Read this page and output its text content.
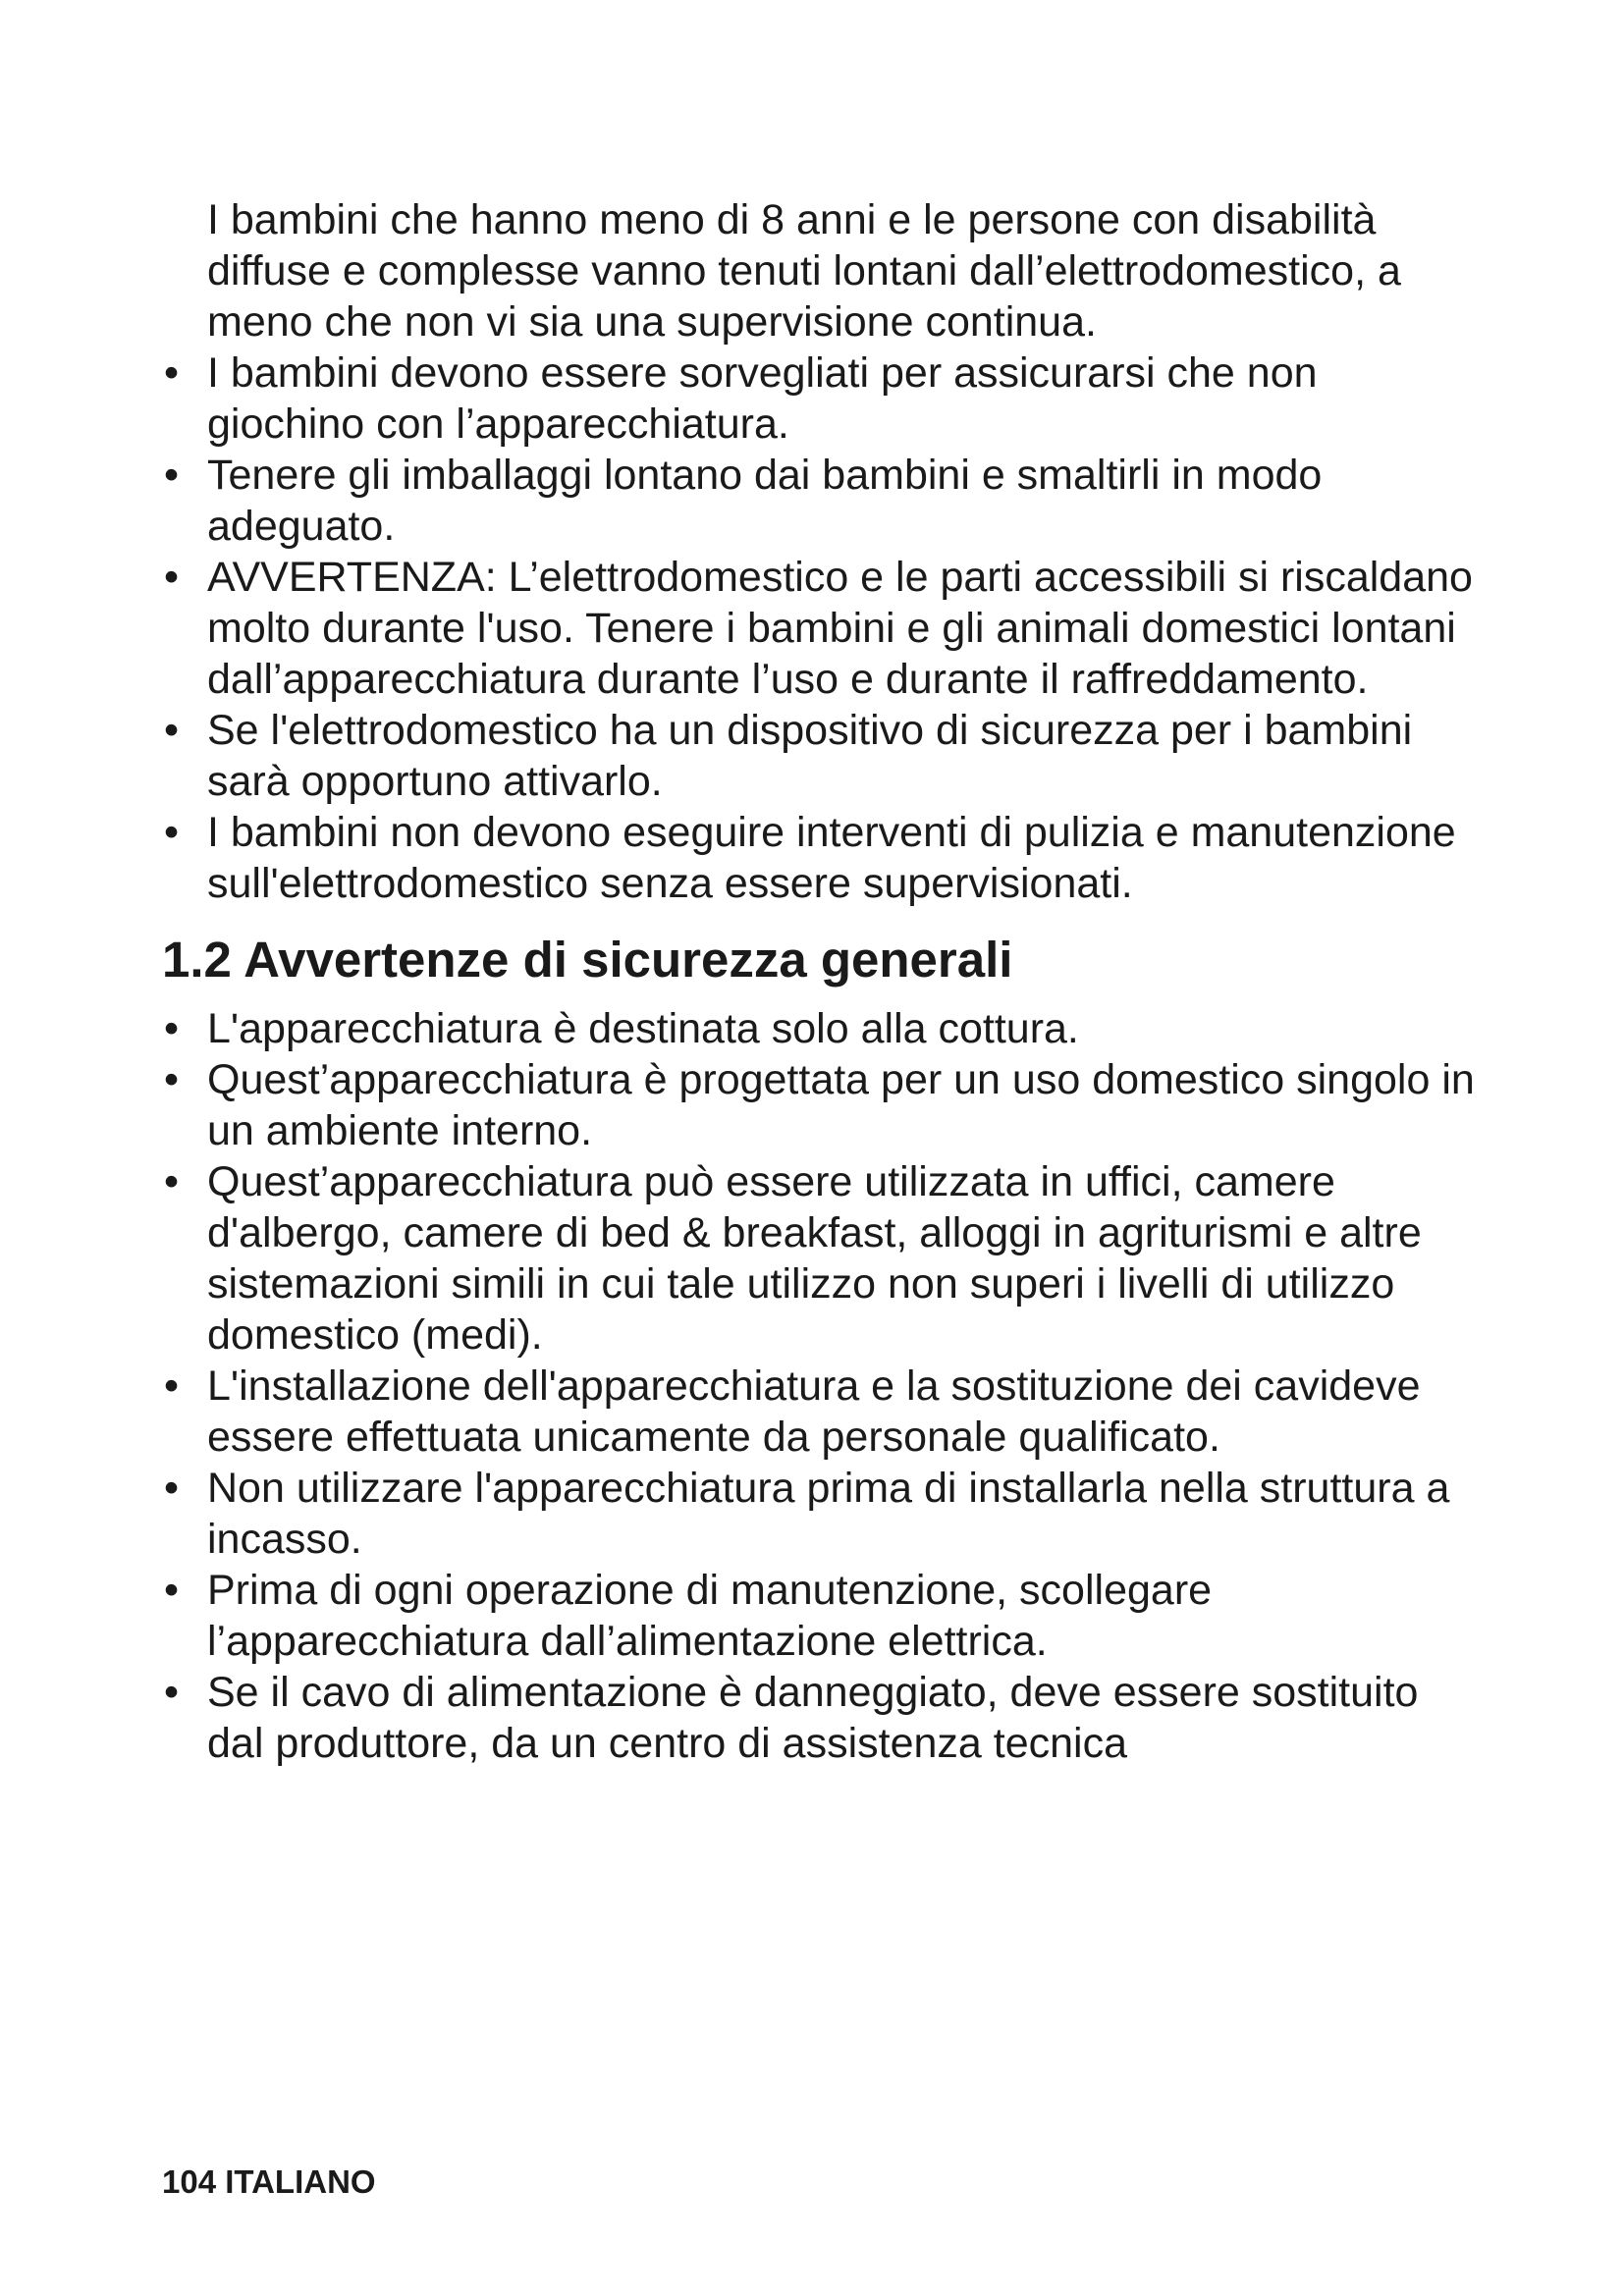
I bambini che hanno meno di 8 anni e le persone con disabilità diffuse e complesse vanno tenuti lontani dall’elettrodomestico, a meno che non vi sia una supervisione continua.

• I bambini devono essere sorvegliati per assicurarsi che non giochino con l’apparecchiatura.
• Tenere gli imballaggi lontano dai bambini e smaltirli in modo adeguato.
• AVVERTENZA: L’elettrodomestico e le parti accessibili si riscaldano molto durante l'uso. Tenere i bambini e gli animali domestici lontani dall’apparecchiatura durante l’uso e durante il raffreddamento.
• Se l'elettrodomestico ha un dispositivo di sicurezza per i bambini sarà opportuno attivarlo.
• I bambini non devono eseguire interventi di pulizia e manutenzione sull'elettrodomestico senza essere supervisionati.
1.2 Avvertenze di sicurezza generali
• L'apparecchiatura è destinata solo alla cottura.
• Quest’apparecchiatura è progettata per un uso domestico singolo in un ambiente interno.
• Quest’apparecchiatura può essere utilizzata in uffici, camere d'albergo, camere di bed & breakfast, alloggi in agriturismi e altre sistemazioni simili in cui tale utilizzo non superi i livelli di utilizzo domestico (medi).
• L'installazione dell'apparecchiatura e la sostituzione dei cavideve essere effettuata unicamente da personale qualificato.
• Non utilizzare l'apparecchiatura prima di installarla nella struttura a incasso.
• Prima di ogni operazione di manutenzione, scollegare l’apparecchiatura dall’alimentazione elettrica.
• Se il cavo di alimentazione è danneggiato, deve essere sostituito dal produttore, da un centro di assistenza tecnica
104 ITALIANO
